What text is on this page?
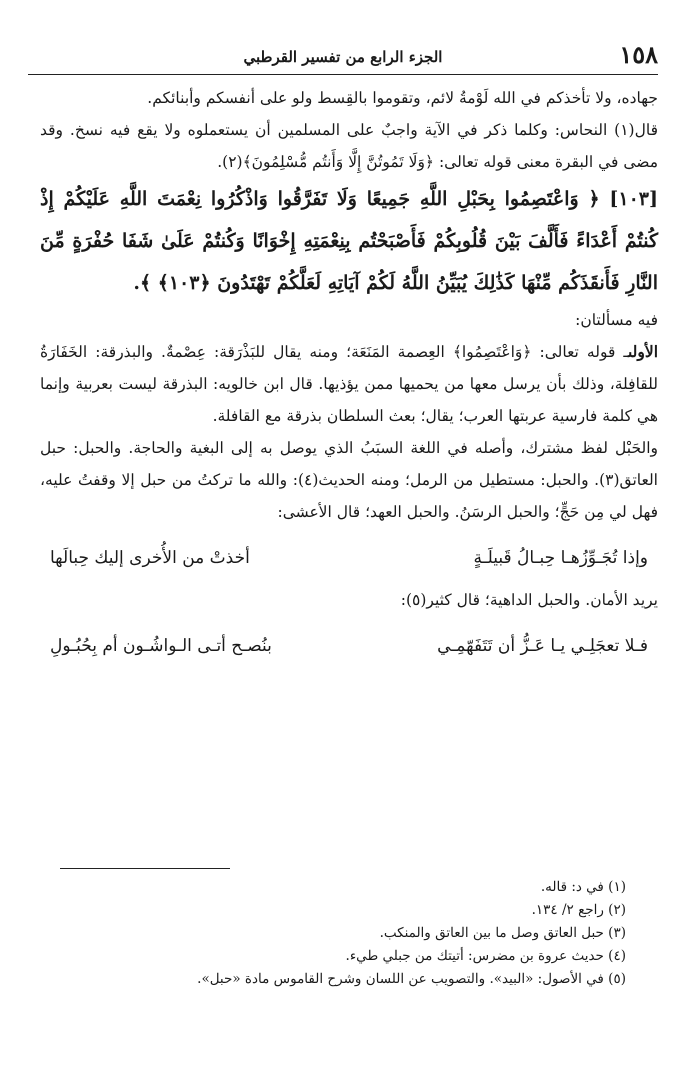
١٥٨
الجزء الرابع من تفسير القرطبي

جهاده، ولا تأخذكم في الله لَوْمةُ لائم، وتقوموا بالقِسط ولو على أنفسكم وأبنائكم.

قال(١) النحاس: وكلما ذكر في الآية واجبٌ على المسلمين أن يستعملوه ولا يقع فيه نسخ. وقد مضى في البقرة معنى قوله تعالى: ﴿وَلَا تَمُوتُنَّ إِلَّا وَأَنتُم مُّسْلِمُونَ﴾(٢).

[١٠٣] ﴿ وَاعْتَصِمُوا بِحَبْلِ اللَّهِ جَمِيعًا وَلَا تَفَرَّقُوا وَاذْكُرُوا نِعْمَتَ اللَّهِ عَلَيْكُمْ إِذْ كُنتُمْ أَعْدَاءً فَأَلَّفَ بَيْنَ قُلُوبِكُمْ فَأَصْبَحْتُم بِنِعْمَتِهِ إِخْوَانًا وَكُنتُمْ عَلَىٰ شَفَا حُفْرَةٍ مِّنَ النَّارِ فَأَنقَذَكُم مِّنْهَا كَذَٰلِكَ يُبَيِّنُ اللَّهُ لَكُمْ آيَاتِهِ لَعَلَّكُمْ تَهْتَدُونَ ﴿١٠٣﴾ ﴾.

فيه مسألتان:

الأولىـ قوله تعالى: ﴿وَاعْتَصِمُوا﴾ العِصمة المَنَعَة؛ ومنه يقال للبَذْرَقة: عِصْمةٌ. والبذرقة: الخَفَارَةُ للقافِلة، وذلك بأن يرسل معها من يحميها ممن يؤذيها. قال ابن خالويه: البذرقة ليست بعربية وإنما هي كلمة فارسية عربتها العرب؛ يقال؛ بعث السلطان بذرقة مع القافلة.

والحَبْل لفظ مشترك، وأصله في اللغة السبَبُ الذي يوصل به إلى البغية والحاجة. والحبل: حبل العاتق(٣). والحبل: مستطيل من الرمل؛ ومنه الحديث(٤): والله ما تركتُ من حبل إلا وقفتُ عليه، فهل لي مِن حَجٍّ؛ والحبل الرسَنُ. والحبل العهد؛ قال الأعشى:

وإذا تُجَـوِّزُهـا حِبـالُ قَبيلَـةٍ
أخذتْ من الأُخرى إليك حِبالَها

يريد الأمان. والحبل الداهية؛ قال كثير(٥):

فـلا تعجَلِـي يـا عَـزُّ أن تَتَفَهّمِـي
بنُصـح أتـى الـواشُـون أم بِحُبُـولِ
(١) في د: قاله.
(٢) راجع ٢/ ١٣٤.
(٣) حبل العاتق وصل ما بين العاتق والمنكب.
(٤) حديث عروة بن مضرس: أتيتك من جبلي طيء.
(٥) في الأصول: «البيد». والتصويب عن اللسان وشرح القاموس مادة «حبل».
